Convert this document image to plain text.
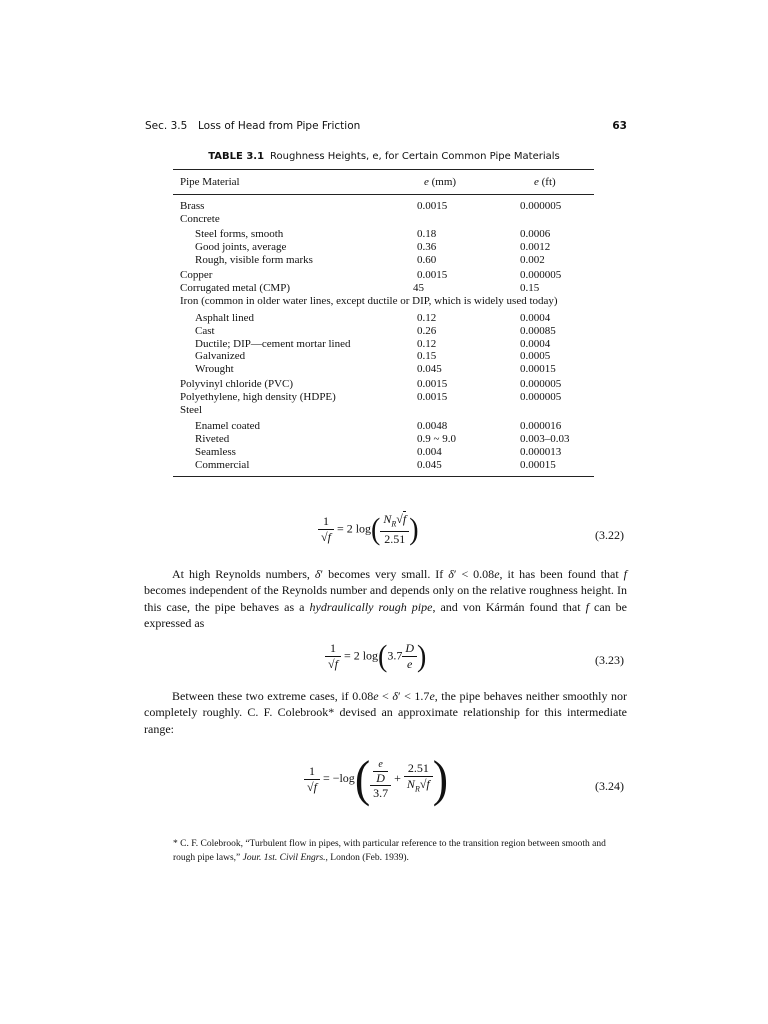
Sec. 3.5 Loss of Head from Pipe Friction	63
TABLE 3.1 Roughness Heights, e, for Certain Common Pipe Materials
Pipe Material	e (mm)	e (ft)
Brass	0.0015	0.000005
Concrete
Steel forms, smooth	0.18	0.0006
Good joints, average	0.36	0.0012
Rough, visible form marks	0.60	0.002
Copper	0.0015	0.000005
Corrugated metal (CMP)	45	0.15
Iron (common in older water lines, except ductile or DIP, which is widely used today)
Asphalt lined	0.12	0.0004
Cast	0.26	0.00085
Ductile; DIP—cement mortar lined	0.12	0.0004
Galvanized	0.15	0.0005
Wrought	0.045	0.00015
Polyvinyl chloride (PVC)	0.0015	0.000005
Polyethylene, high density (HDPE)	0.0015	0.000005
Steel
Enamel coated	0.0048	0.000016
Riveted	0.9 ~ 9.0	0.003–0.03
Seamless	0.004	0.000013
Commercial	0.045	0.00015
$\frac{1}{√f} = 2$ $\log( \frac{N_R√f}{2.51}$ )	(3.22)

At high Reynolds numbers, δ′ becomes very small. If δ′ < 0.08e, it has been found that f becomes independent of the Reynolds number and depends only on the relative roughness height. In this case, the pipe behaves as a hydraulically rough pipe, and von Kármán found that f can be expressed as

$\frac{1}{√f} = 2$ $\log(3.7 \frac{D}{e}$ )	(3.23)

Between these two extreme cases, if 0.08e < δ′ < 1.7e, the pipe behaves neither smoothly nor completely roughly. C. F. Colebrook* devised an approximate relationship for this intermediate range:

$\frac{1}{√f} = -\log$( e
D
$3.7 + \frac{2.51}{N_R√f}$ )	(3.24)
* C. F. Colebrook, “Turbulent flow in pipes, with particular reference to the transition region between smooth and rough pipe laws,” Jour. 1st. Civil Engrs., London (Feb. 1939).
